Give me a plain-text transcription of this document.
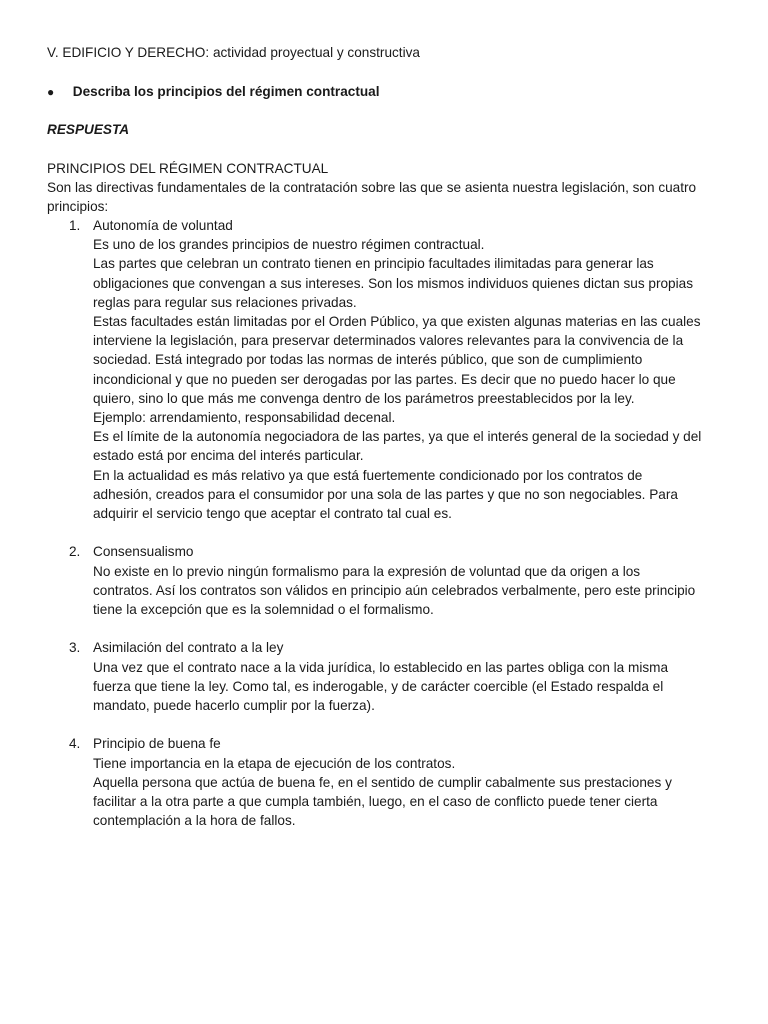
V. EDIFICIO Y DERECHO: actividad proyectual y constructiva
● Describa los principios del régimen contractual
RESPUESTA
PRINCIPIOS DEL RÉGIMEN CONTRACTUAL
Son las directivas fundamentales de la contratación sobre las que se asienta nuestra legislación, son cuatro
principios:
1. Autonomía de voluntad
Es uno de los grandes principios de nuestro régimen contractual.
Las partes que celebran un contrato tienen en principio facultades ilimitadas para generar las
obligaciones que convengan a sus intereses. Son los mismos individuos quienes dictan sus propias
reglas para regular sus relaciones privadas.
Estas facultades están limitadas por el Orden Público, ya que existen algunas materias en las cuales
interviene la legislación, para preservar determinados valores relevantes para la convivencia de la
sociedad. Está integrado por todas las normas de interés público, que son de cumplimiento
incondicional y que no pueden ser derogadas por las partes. Es decir que no puedo hacer lo que
quiero, sino lo que más me convenga dentro de los parámetros preestablecidos por la ley.
Ejemplo: arrendamiento, responsabilidad decenal.
Es el límite de la autonomía negociadora de las partes, ya que el interés general de la sociedad y del
estado está por encima del interés particular.
En la actualidad es más relativo ya que está fuertemente condicionado por los contratos de
adhesión, creados para el consumidor por una sola de las partes y que no son negociables. Para
adquirir el servicio tengo que aceptar el contrato tal cual es.
2. Consensualismo
No existe en lo previo ningún formalismo para la expresión de voluntad que da origen a los
contratos. Así los contratos son válidos en principio aún celebrados verbalmente, pero este principio
tiene la excepción que es la solemnidad o el formalismo.
3. Asimilación del contrato a la ley
Una vez que el contrato nace a la vida jurídica, lo establecido en las partes obliga con la misma
fuerza que tiene la ley. Como tal, es inderogable, y de carácter coercible (el Estado respalda el
mandato, puede hacerlo cumplir por la fuerza).
4. Principio de buena fe
Tiene importancia en la etapa de ejecución de los contratos.
Aquella persona que actúa de buena fe, en el sentido de cumplir cabalmente sus prestaciones y
facilitar a la otra parte a que cumpla también, luego, en el caso de conflicto puede tener cierta
contemplación a la hora de fallos.
